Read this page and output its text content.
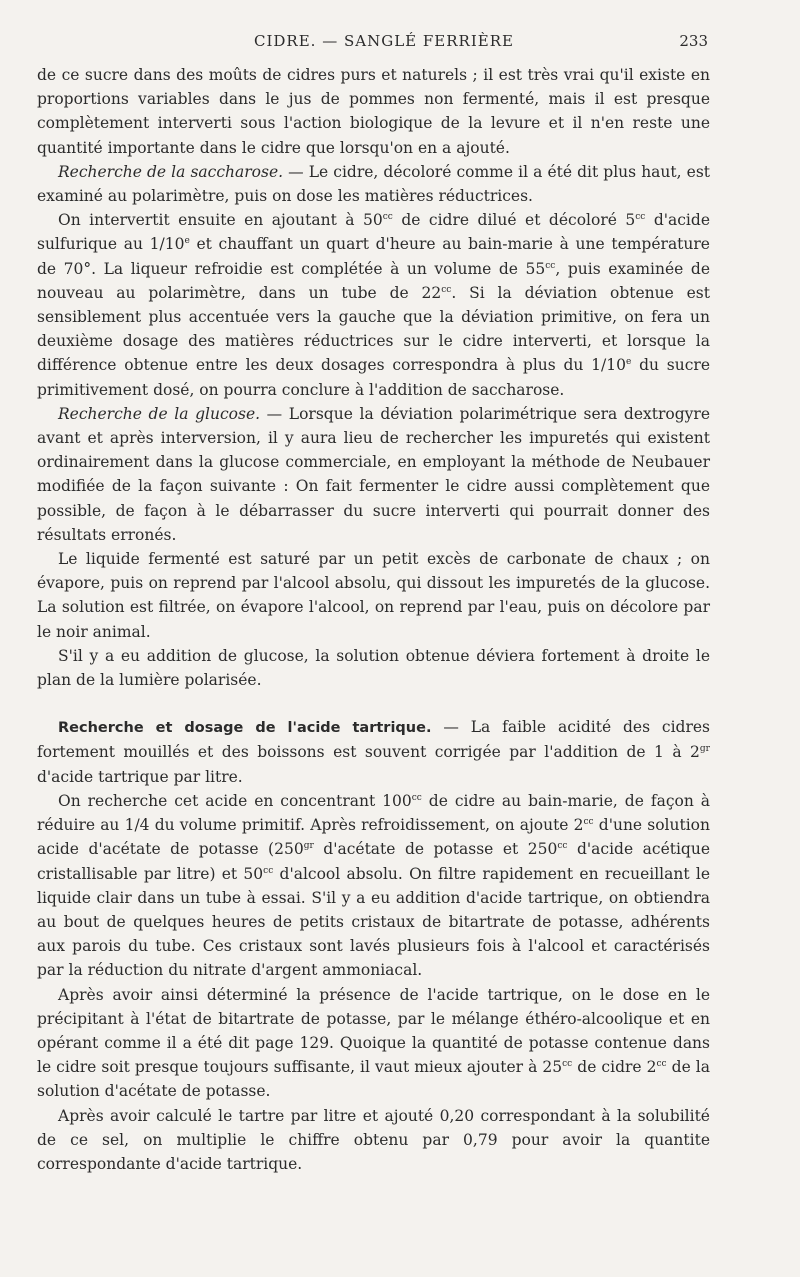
CIDRE. — SANGLÉ FERRIÈRE	233

de ce sucre dans des moûts de cidres purs et naturels ; il est très vrai qu'il existe en proportions variables dans le jus de pommes non fermenté, mais il est presque complètement interverti sous l'action biologique de la levure et il n'en reste une quantité importante dans le cidre que lorsqu'on en a ajouté.

Recherche de la saccharose. — Le cidre, décoloré comme il a été dit plus haut, est examiné au polarimètre, puis on dose les matières réductrices.

On intervertit ensuite en ajoutant à $50^{cc}$ de cidre dilué et décoloré $5^{cc}$ d'acide sulfurique au 1/10e et chauffant un quart d'heure au bain-marie à une température de 70°. La liqueur refroidie est complétée à un volume de $55^{cc}$, puis examinée de nouveau au polarimètre, dans un tube de $22^{cc}$. Si la déviation obtenue est sensiblement plus accentuée vers la gauche que la déviation primitive, on fera un deuxième dosage des matières réductrices sur le cidre interverti, et lorsque la différence obtenue entre les deux dosages correspondra à plus du 1/10e du sucre primitivement dosé, on pourra conclure à l'addition de saccharose.

Recherche de la glucose. — Lorsque la déviation polarimétrique sera dextrogyre avant et après interversion, il y aura lieu de rechercher les impuretés qui existent ordinairement dans la glucose commerciale, en employant la méthode de Neubauer modifiée de la façon suivante : On fait fermenter le cidre aussi complètement que possible, de façon à le débarrasser du sucre interverti qui pourrait donner des résultats erronés.

Le liquide fermenté est saturé par un petit excès de carbonate de chaux ; on évapore, puis on reprend par l'alcool absolu, qui dissout les impuretés de la glucose. La solution est filtrée, on évapore l'alcool, on reprend par l'eau, puis on décolore par le noir animal.

S'il y a eu addition de glucose, la solution obtenue déviera fortement à droite le plan de la lumière polarisée.

Recherche et dosage de l'acide tartrique. — La faible acidité des cidres fortement mouillés et des boissons est souvent corrigée par l'addition de 1 à $2^{gr}$ d'acide tartrique par litre.

On recherche cet acide en concentrant $100^{cc}$ de cidre au bain-marie, de façon à réduire au 1/4 du volume primitif. Après refroidissement, on ajoute $2^{cc}$ d'une solution acide d'acétate de potasse ($250^{gr}$ d'acétate de potasse et $250^{cc}$ d'acide acétique cristallisable par litre) et $50^{cc}$ d'alcool absolu. On filtre rapidement en recueillant le liquide clair dans un tube à essai. S'il y a eu addition d'acide tartrique, on obtiendra au bout de quelques heures de petits cristaux de bitartrate de potasse, adhérents aux parois du tube. Ces cristaux sont lavés plusieurs fois à l'alcool et caractérisés par la réduction du nitrate d'argent ammoniacal.

Après avoir ainsi déterminé la présence de l'acide tartrique, on le dose en le précipitant à l'état de bitartrate de potasse, par le mélange éthéro-alcoolique et en opérant comme il a été dit page 129. Quoique la quantité de potasse contenue dans le cidre soit presque toujours suffisante, il vaut mieux ajouter à $25^{cc}$ de cidre $2^{cc}$ de la solution d'acétate de potasse.

Après avoir calculé le tartre par litre et ajouté 0,20 correspondant à la solubilité de ce sel, on multiplie le chiffre obtenu par 0,79 pour avoir la quantite correspondante d'acide tartrique.
